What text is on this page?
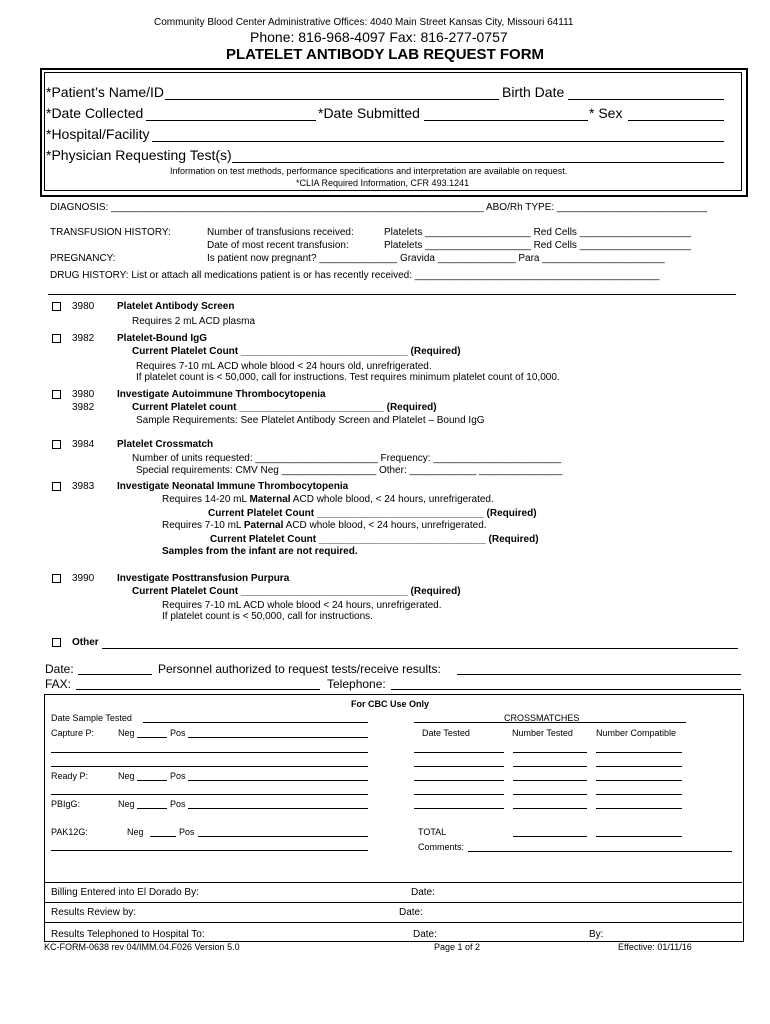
Community Blood Center Administrative Offices: 4040 Main Street Kansas City, Missouri 64111
Phone: 816-968-4097 Fax: 816-277-0757
PLATELET ANTIBODY LAB REQUEST FORM
*Patient’s Name/ID	Birth Date
*Date Collected	*Date Submitted	* Sex
*Hospital/Facility
*Physician Requesting Test(s)
Information on test methods, performance specifications and interpretation are available on request.
*CLIA Required Information, CFR 493.1241
DIAGNOSIS: ___________________________________________________________________ ABO/Rh TYPE: ___________________________
TRANSFUSION HISTORY:	Number of transfusions received:	Platelets ___________________ Red Cells ____________________
Date of most recent transfusion:	Platelets ___________________ Red Cells ____________________
PREGNANCY:	Is patient now pregnant? ______________ Gravida ______________ Para ______________________
DRUG HISTORY: List or attach all medications patient is or has recently received: ____________________________________________
3980 Platelet Antibody Screen
Requires 2 mL ACD plasma
3982 Platelet-Bound IgG
Current Platelet Count ______________________________ (Required)
Requires 7-10 mL ACD whole blood < 24 hours old, unrefrigerated.
If platelet count is < 50,000, call for instructions. Test requires minimum platelet count of 10,000.
3980
3982
Investigate Autoimmune Thrombocytopenia
Current Platelet count __________________________ (Required)
Sample Requirements: See Platelet Antibody Screen and Platelet – Bound IgG
3984 Platelet Crossmatch
Number of units requested: ______________________ Frequency: _______________________
Special requirements: CMV Neg _________________ Other: ____________ _______________
3983 Investigate Neonatal Immune Thrombocytopenia
Requires 14-20 mL Maternal ACD whole blood, < 24 hours, unrefrigerated.
Current Platelet Count ______________________________ (Required)
Requires 7-10 mL Paternal ACD whole blood, < 24 hours, unrefrigerated.
Current Platelet Count ______________________________ (Required)
Samples from the infant are not required.
3990 Investigate Posttransfusion Purpura
Current Platelet Count ______________________________ (Required)
Requires 7-10 mL ACD whole blood < 24 hours, unrefrigerated.
If platelet count is < 50,000, call for instructions.
Other
Date:	Personnel authorized to request tests/receive results:
FAX:	Telephone:
For CBC Use Only
Date Sample Tested
Capture P:	Neg	Pos
Ready P:	Neg	Pos
PBIgG:	Neg	Pos
PAK12G:	Neg	Pos
CROSSMATCHES
Date Tested	Number Tested	Number Compatible
TOTAL
Comments:
Billing Entered into El Dorado By:	Date:
Results Review by:	Date:
Results Telephoned to Hospital To:	Date:	By:
KC-FORM-0638 rev 04/IMM.04.F026 Version 5.0	Page 1 of 2	Effective: 01/11/16
